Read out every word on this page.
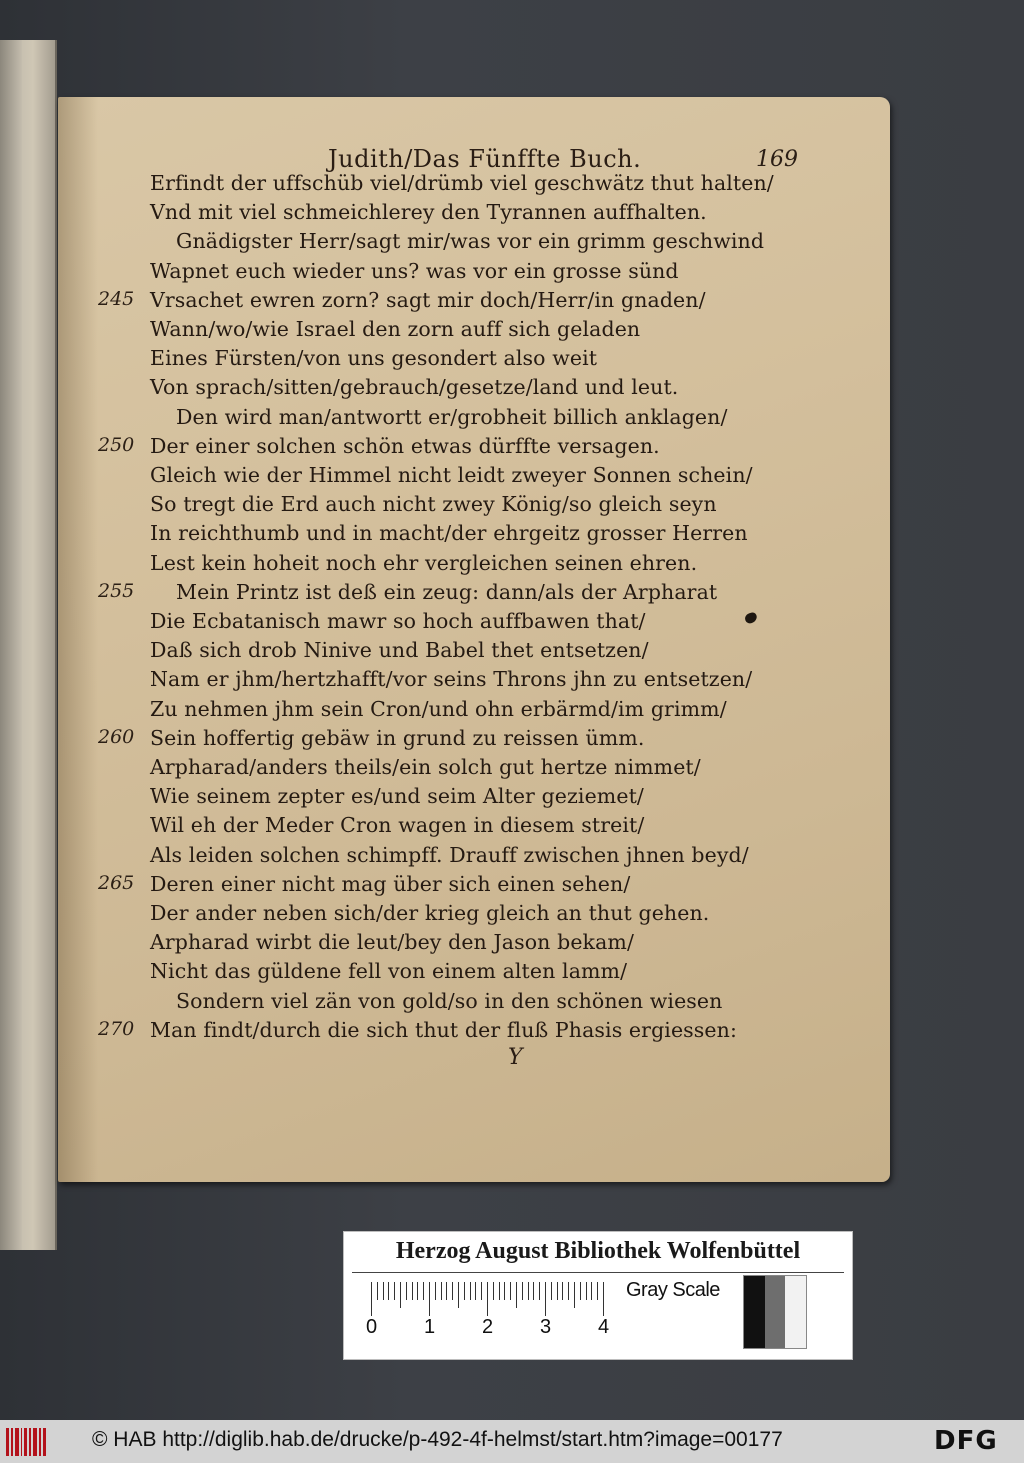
Judith/Das Fünffte Buch.	169
Erfindt der uffschüb viel/drümb viel geschwätz thut halten/
Vnd mit viel schmeichlerey den Tyrannen auffhalten.
Gnädigster Herr/sagt mir/was vor ein grimm geschwind
Wapnet euch wieder uns? was vor ein grosse sünd
245 Vrsachet ewren zorn? sagt mir doch/Herr/in gnaden/
Wann/wo/wie Israel den zorn auff sich geladen
Eines Fürsten/von uns gesondert also weit
Von sprach/sitten/gebrauch/gesetze/land und leut.
Den wird man/antwortt er/grobheit billich anklagen/
250 Der einer solchen schön etwas dürffte versagen.
Gleich wie der Himmel nicht leidt zweyer Sonnen schein/
So tregt die Erd auch nicht zwey König/so gleich seyn
In reichthumb und in macht/der ehrgeitz grosser Herren
Lest kein hoheit noch ehr vergleichen seinen ehren.
255 Mein Printz ist deß ein zeug: dann/als der Arpharat
Die Ecbatanisch mawr so hoch auffbawen that/
Daß sich drob Ninive und Babel thet entsetzen/
Nam er jhm/hertzhafft/vor seins Throns jhn zu entsetzen/
Zu nehmen jhm sein Cron/und ohn erbärmd/im grimm/
260 Sein hoffertig gebäw in grund zu reissen ümm.
Arpharad/anders theils/ein solch gut hertze nimmet/
Wie seinem zepter es/und seim Alter geziemet/
Wil eh der Meder Cron wagen in diesem streit/
Als leiden solchen schimpff. Drauff zwischen jhnen beyd/
265 Deren einer nicht mag über sich einen sehen/
Der ander neben sich/der krieg gleich an thut gehen.
Arpharad wirbt die leut/bey den Jason bekam/
Nicht das güldene fell von einem alten lamm/
Sondern viel zän von gold/so in den schönen wiesen
270 Man findt/durch die sich thut der fluß Phasis ergiessen:
Y
Herzog August Bibliothek Wolfenbüttel
0 1 2 3 4
Gray Scale
© HAB http://diglib.hab.de/drucke/p-492-4f-helmst/start.htm?image=00177	DFG
